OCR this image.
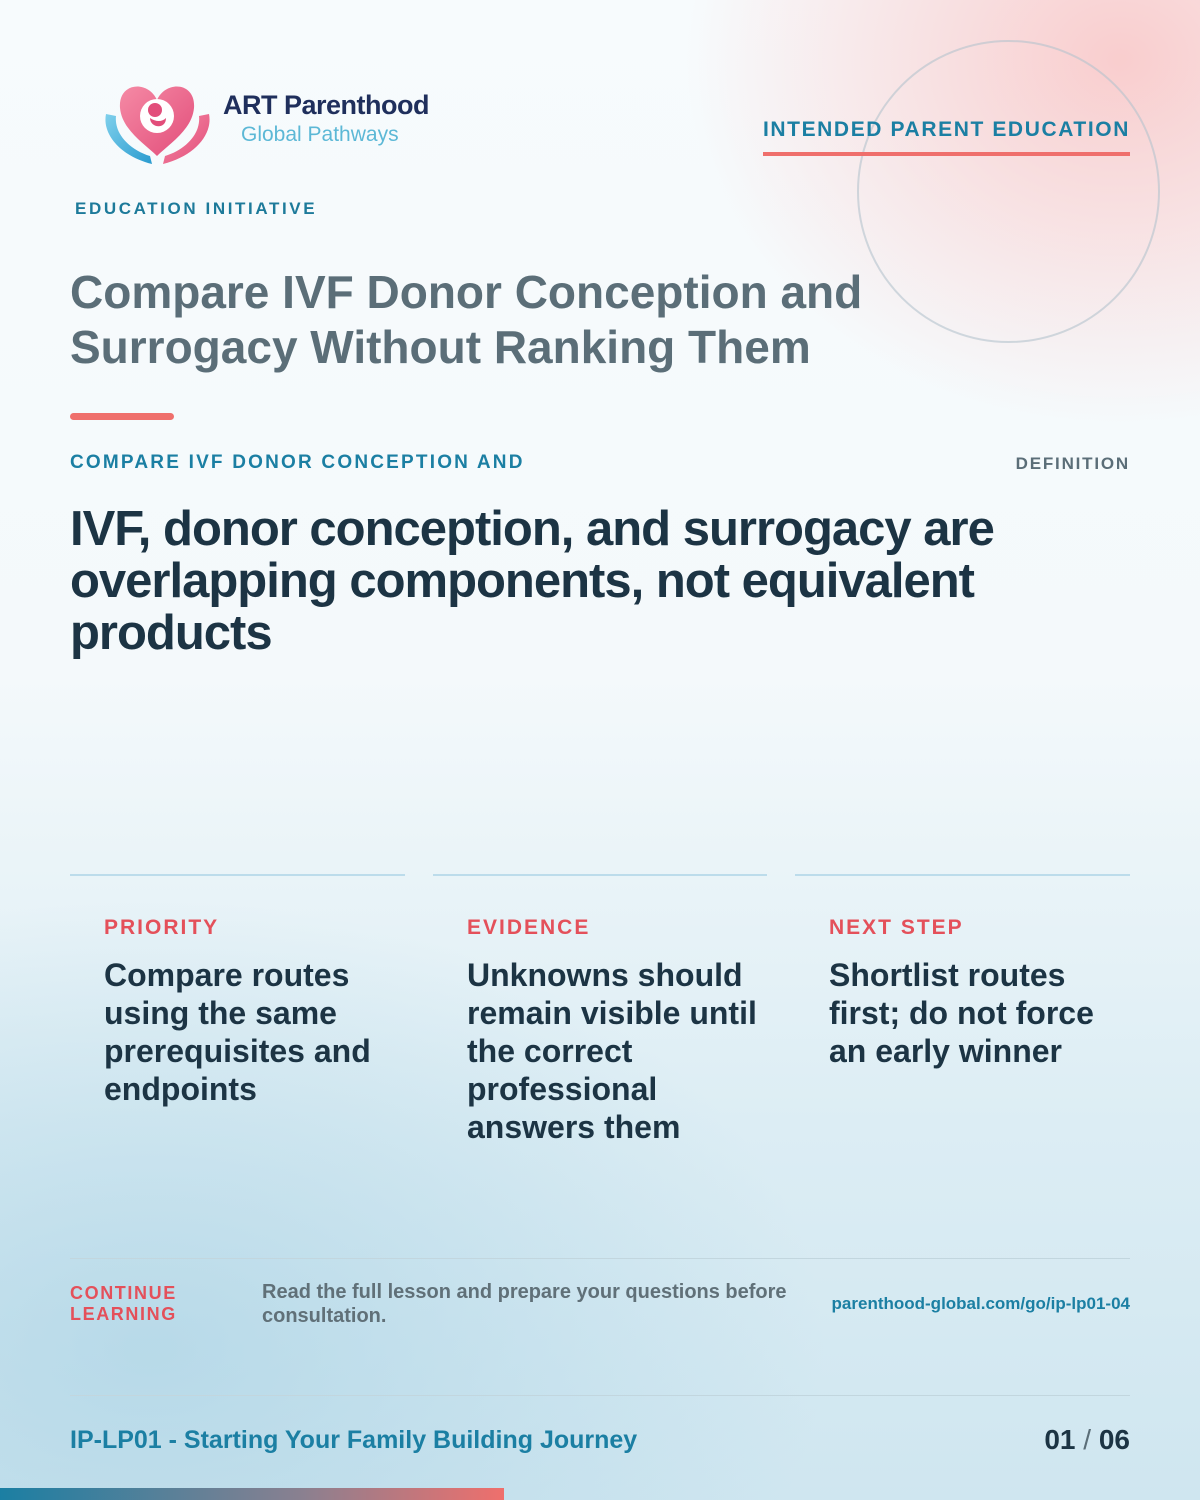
ART Parenthood
Global Pathways
EDUCATION INITIATIVE
INTENDED PARENT EDUCATION
Compare IVF Donor Conception and Surrogacy Without Ranking Them
COMPARE IVF DONOR CONCEPTION AND	DEFINITION
IVF, donor conception, and surrogacy are overlapping components, not equivalent products
PRIORITY
Compare routes using the same prerequisites and endpoints
EVIDENCE
Unknowns should remain visible until the correct professional answers them
NEXT STEP
Shortlist routes first; do not force an early winner
CONTINUE LEARNING
Read the full lesson and prepare your questions before consultation.
parenthood-global.com/go/ip-lp01-04
IP-LP01 - Starting Your Family Building Journey	01 / 06
